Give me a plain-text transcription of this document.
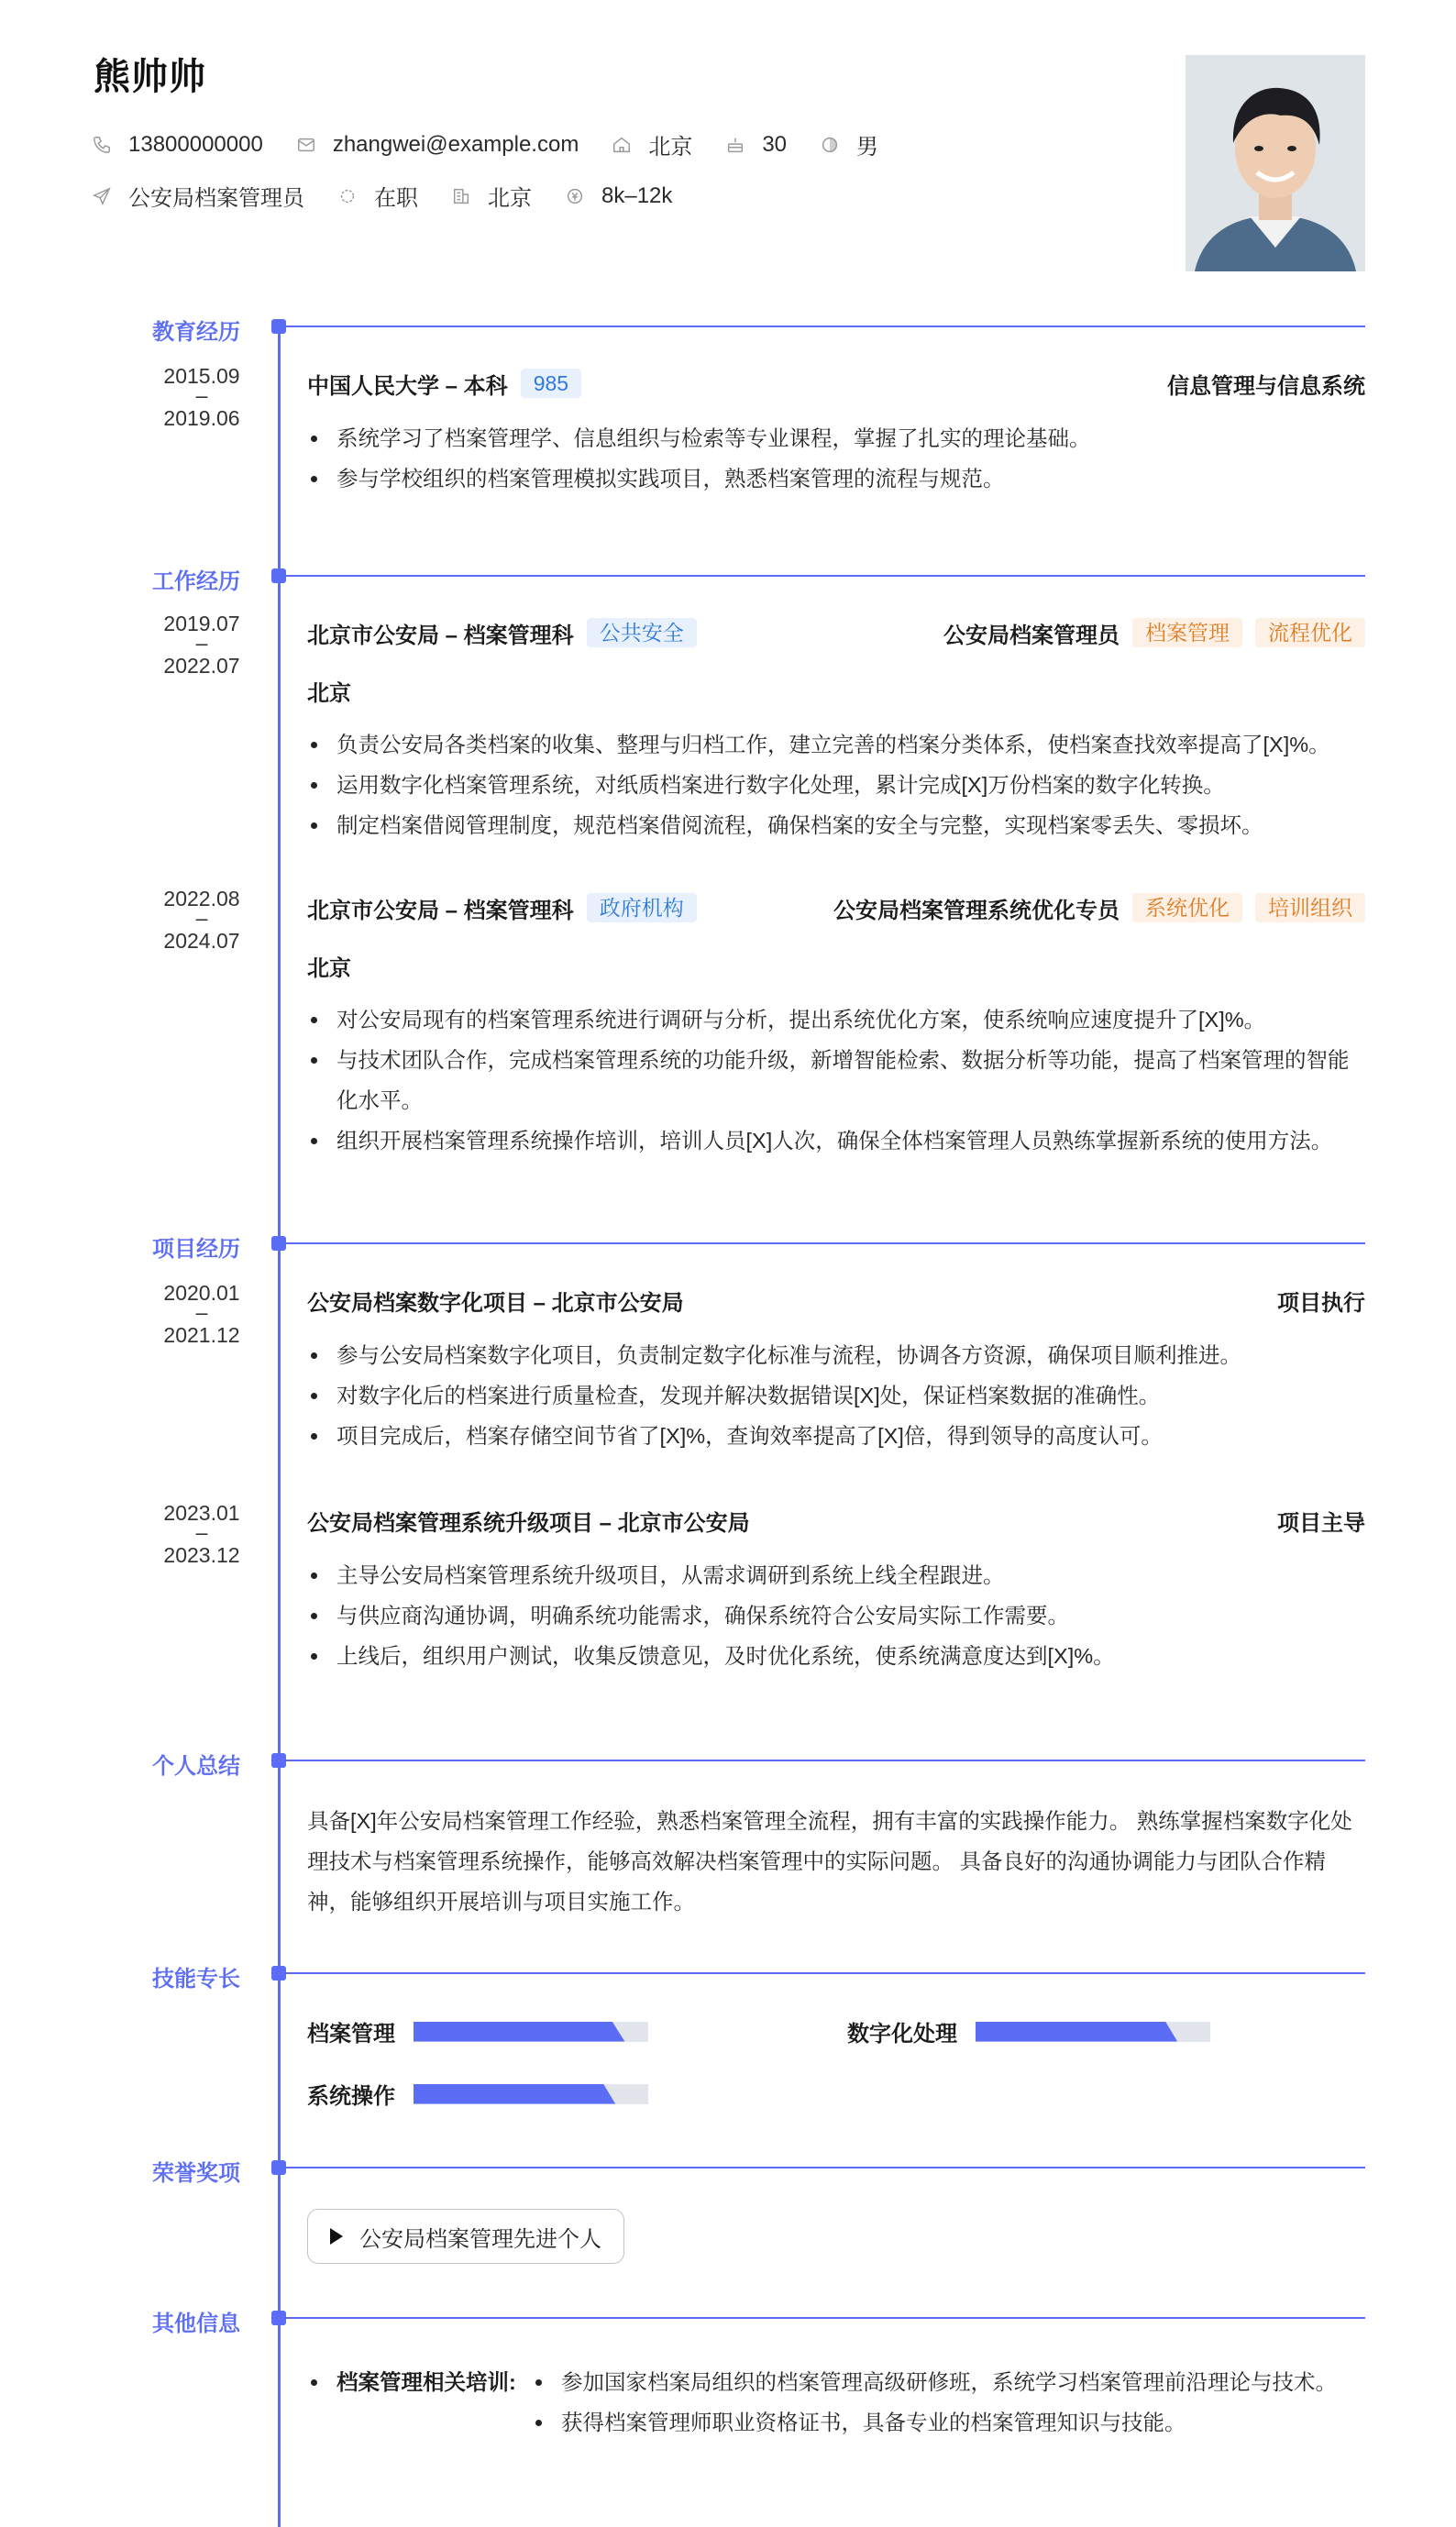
熊帅帅
13800000000	zhangwei@example.com	北京	30	男
公安局档案管理员	在职	北京	8k–12k
教育经历
2015.09
–
2019.06
中国人民大学 – 本科	985	信息管理与信息系统
系统学习了档案管理学、信息组织与检索等专业课程，掌握了扎实的理论基础。
参与学校组织的档案管理模拟实践项目，熟悉档案管理的流程与规范。
工作经历
2019.07
–
2022.07
北京市公安局 – 档案管理科	公共安全	公安局档案管理员	档案管理	流程优化
北京
负责公安局各类档案的收集、整理与归档工作，建立完善的档案分类体系，使档案查找效率提高了[X]%。
运用数字化档案管理系统，对纸质档案进行数字化处理，累计完成[X]万份档案的数字化转换。
制定档案借阅管理制度，规范档案借阅流程，确保档案的安全与完整，实现档案零丢失、零损坏。
2022.08
–
2024.07
北京市公安局 – 档案管理科	政府机构	公安局档案管理系统优化专员	系统优化	培训组织
北京
对公安局现有的档案管理系统进行调研与分析，提出系统优化方案，使系统响应速度提升了[X]%。
与技术团队合作，完成档案管理系统的功能升级，新增智能检索、数据分析等功能，提高了档案管理的智能化水平。
组织开展档案管理系统操作培训，培训人员[X]人次，确保全体档案管理人员熟练掌握新系统的使用方法。
项目经历
2020.01
–
2021.12
公安局档案数字化项目 – 北京市公安局	项目执行
参与公安局档案数字化项目，负责制定数字化标准与流程，协调各方资源，确保项目顺利推进。
对数字化后的档案进行质量检查，发现并解决数据错误[X]处，保证档案数据的准确性。
项目完成后，档案存储空间节省了[X]%，查询效率提高了[X]倍，得到领导的高度认可。
2023.01
–
2023.12
公安局档案管理系统升级项目 – 北京市公安局	项目主导
主导公安局档案管理系统升级项目，从需求调研到系统上线全程跟进。
与供应商沟通协调，明确系统功能需求，确保系统符合公安局实际工作需要。
上线后，组织用户测试，收集反馈意见，及时优化系统，使系统满意度达到[X]%。
个人总结
具备[X]年公安局档案管理工作经验，熟悉档案管理全流程，拥有丰富的实践操作能力。 熟练掌握档案数字化处理技术与档案管理系统操作，能够高效解决档案管理中的实际问题。 具备良好的沟通协调能力与团队合作精神，能够组织开展培训与项目实施工作。
技能专长
档案管理	数字化处理
系统操作
荣誉奖项
公安局档案管理先进个人
其他信息
档案管理相关培训:	参加国家档案局组织的档案管理高级研修班，系统学习档案管理前沿理论与技术。
获得档案管理师职业资格证书，具备专业的档案管理知识与技能。
